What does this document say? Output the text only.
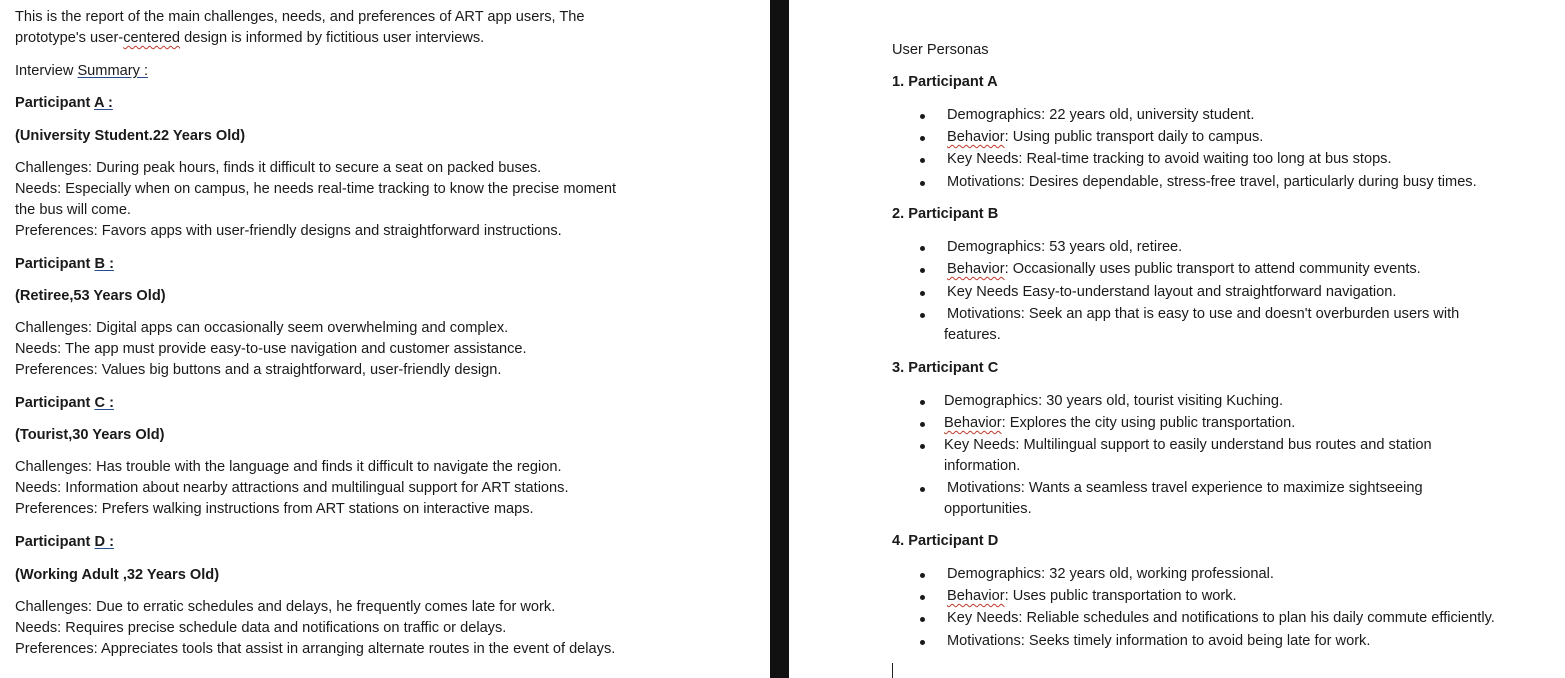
This is the report of the main challenges, needs, and preferences of ART app users, The
prototype's user-centered design is informed by fictitious user interviews.
Interview Summary :
Participant A :
(University Student.22 Years Old)
Challenges: During peak hours, finds it difficult to secure a seat on packed buses.
Needs: Especially when on campus, he needs real-time tracking to know the precise moment
the bus will come.
Preferences: Favors apps with user-friendly designs and straightforward instructions.
Participant B :
(Retiree,53 Years Old)
Challenges: Digital apps can occasionally seem overwhelming and complex.
Needs: The app must provide easy-to-use navigation and customer assistance.
Preferences: Values big buttons and a straightforward, user-friendly design.
Participant C :
(Tourist,30 Years Old)
Challenges: Has trouble with the language and finds it difficult to navigate the region.
Needs: Information about nearby attractions and multilingual support for ART stations.
Preferences: Prefers walking instructions from ART stations on interactive maps.
Participant D :
(Working Adult ,32 Years Old)
Challenges: Due to erratic schedules and delays, he frequently comes late for work.
Needs: Requires precise schedule data and notifications on traffic or delays.
Preferences: Appreciates tools that assist in arranging alternate routes in the event of delays.
User Personas
1. Participant A
Demographics: 22 years old, university student.
Behavior: Using public transport daily to campus.
Key Needs: Real-time tracking to avoid waiting too long at bus stops.
Motivations: Desires dependable, stress-free travel, particularly during busy times.
2. Participant B
Demographics: 53 years old, retiree.
Behavior: Occasionally uses public transport to attend community events.
Key Needs Easy-to-understand layout and straightforward navigation.
Motivations: Seek an app that is easy to use and doesn't overburden users with
features.
3. Participant C
Demographics: 30 years old, tourist visiting Kuching.
Behavior: Explores the city using public transportation.
Key Needs: Multilingual support to easily understand bus routes and station
information.
Motivations: Wants a seamless travel experience to maximize sightseeing
opportunities.
4. Participant D
Demographics: 32 years old, working professional.
Behavior: Uses public transportation to work.
Key Needs: Reliable schedules and notifications to plan his daily commute efficiently.
Motivations: Seeks timely information to avoid being late for work.
